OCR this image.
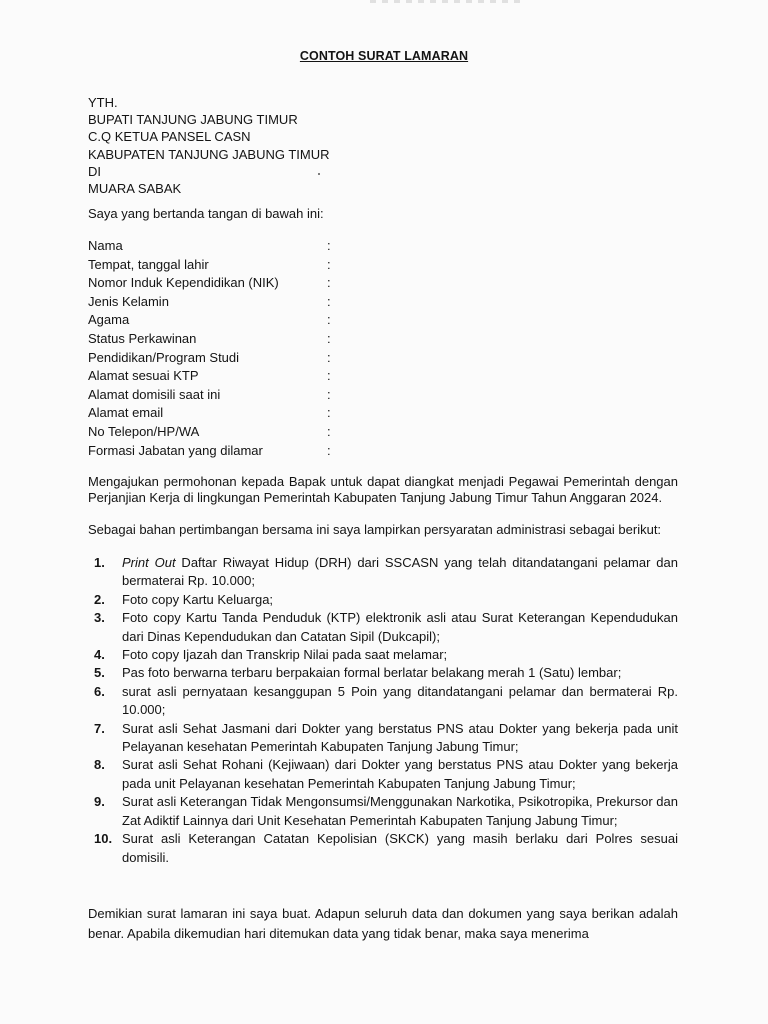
CONTOH SURAT LAMARAN
YTH.
BUPATI TANJUNG JABUNG TIMUR
C.Q KETUA PANSEL CASN
KABUPATEN TANJUNG JABUNG TIMUR
DI
MUARA SABAK
Saya yang bertanda tangan di bawah ini:
Nama	:
Tempat, tanggal lahir	:
Nomor Induk Kependidikan (NIK)	:
Jenis Kelamin	:
Agama	:
Status Perkawinan	:
Pendidikan/Program Studi	:
Alamat sesuai KTP	:
Alamat domisili saat ini	:
Alamat email	:
No Telepon/HP/WA	:
Formasi Jabatan yang dilamar	:
Mengajukan permohonan kepada Bapak untuk dapat diangkat menjadi Pegawai Pemerintah dengan Perjanjian Kerja di lingkungan Pemerintah Kabupaten Tanjung Jabung Timur Tahun Anggaran 2024.
Sebagai bahan pertimbangan bersama ini saya lampirkan persyaratan administrasi sebagai berikut:
1. Print Out Daftar Riwayat Hidup (DRH) dari SSCASN yang telah ditandatangani pelamar dan bermaterai Rp. 10.000;
2. Foto copy Kartu Keluarga;
3. Foto copy Kartu Tanda Penduduk (KTP) elektronik asli atau Surat Keterangan Kependudukan dari Dinas Kependudukan dan Catatan Sipil (Dukcapil);
4. Foto copy Ijazah dan Transkrip Nilai pada saat melamar;
5. Pas foto berwarna terbaru berpakaian formal berlatar belakang merah 1 (Satu) lembar;
6. surat asli pernyataan kesanggupan 5 Poin yang ditandatangani pelamar dan bermaterai Rp. 10.000;
7. Surat asli Sehat Jasmani dari Dokter yang berstatus PNS atau Dokter yang bekerja pada unit Pelayanan kesehatan Pemerintah Kabupaten Tanjung Jabung Timur;
8. Surat asli Sehat Rohani (Kejiwaan) dari Dokter yang berstatus PNS atau Dokter yang bekerja pada unit Pelayanan kesehatan Pemerintah Kabupaten Tanjung Jabung Timur;
9. Surat asli Keterangan Tidak Mengonsumsi/Menggunakan Narkotika, Psikotropika, Prekursor dan Zat Adiktif Lainnya dari Unit Kesehatan Pemerintah Kabupaten Tanjung Jabung Timur;
10. Surat asli Keterangan Catatan Kepolisian (SKCK) yang masih berlaku dari Polres sesuai domisili.
Demikian surat lamaran ini saya buat. Adapun seluruh data dan dokumen yang saya berikan adalah benar. Apabila dikemudian hari ditemukan data yang tidak benar, maka saya menerima
